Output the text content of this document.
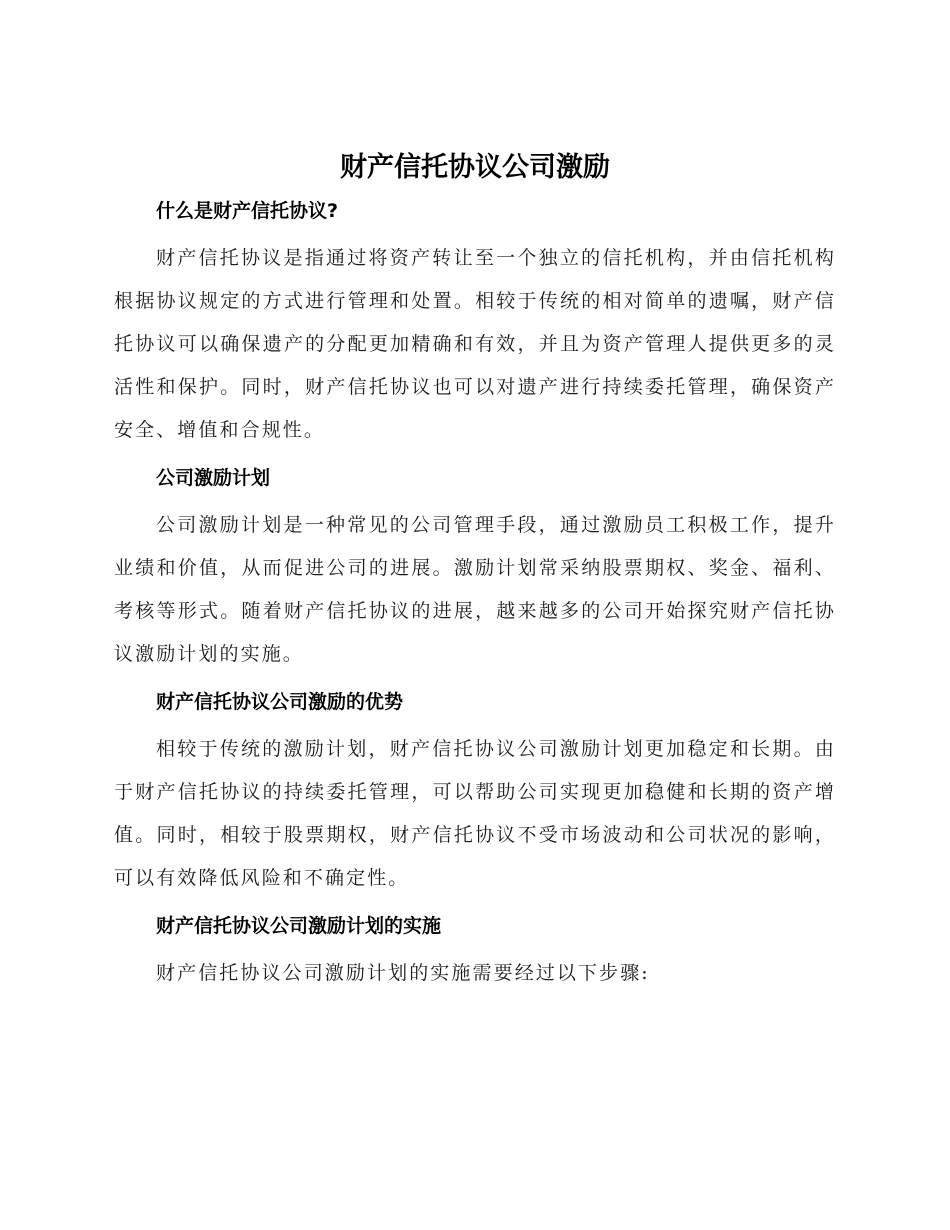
财产信托协议公司激励
什么是财产信托协议?

财产信托协议是指通过将资产转让至一个独立的信托机构，并由信托机构根据协议规定的方式进行管理和处置。相较于传统的相对简单的遗嘱，财产信托协议可以确保遗产的分配更加精确和有效，并且为资产管理人提供更多的灵活性和保护。同时，财产信托协议也可以对遗产进行持续委托管理，确保资产安全、增值和合规性。

公司激励计划

公司激励计划是一种常见的公司管理手段，通过激励员工积极工作，提升业绩和价值，从而促进公司的进展。激励计划常采纳股票期权、奖金、福利、考核等形式。随着财产信托协议的进展，越来越多的公司开始探究财产信托协议激励计划的实施。

财产信托协议公司激励的优势

相较于传统的激励计划，财产信托协议公司激励计划更加稳定和长期。由于财产信托协议的持续委托管理，可以帮助公司实现更加稳健和长期的资产增值。同时，相较于股票期权，财产信托协议不受市场波动和公司状况的影响，可以有效降低风险和不确定性。

财产信托协议公司激励计划的实施

财产信托协议公司激励计划的实施需要经过以下步骤:
